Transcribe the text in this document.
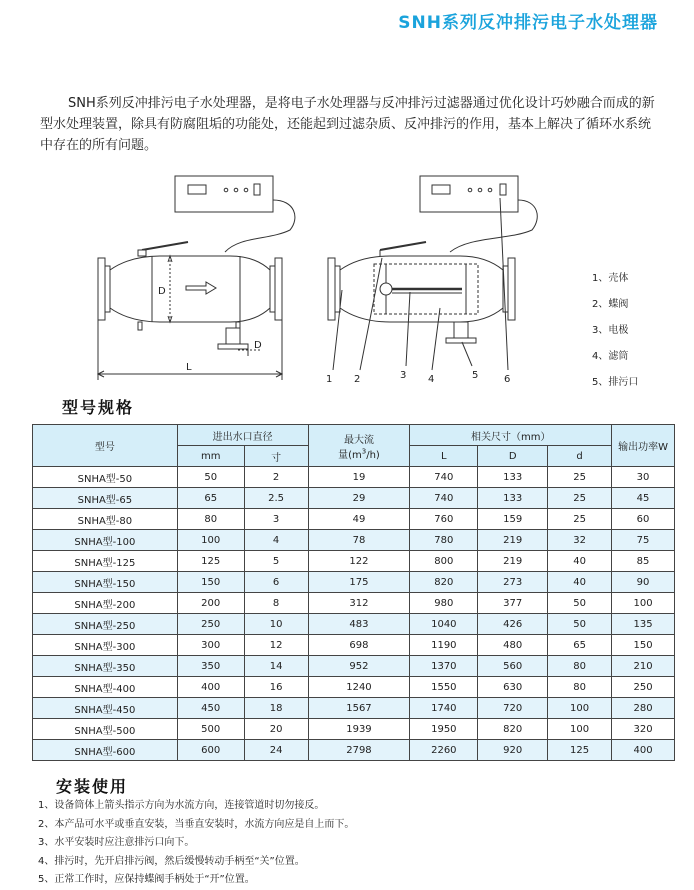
SNH系列反冲排污电子水处理器

SNH系列反冲排污电子水处理器，是将电子水处理器与反冲排污过滤器通过优化设计巧妙融合而成的新型水处理装置，除具有防腐阻垢的功能处，还能起到过滤杂质、反冲排污的作用，基本上解决了循环水系统中存在的所有问题。

D
D
L
1 2	3 4	5	6
1、壳体
2、蝶阀
3、电极
4、滤筒
5、排污口
型号规格
型号	进出水口直径		最大流
量$(m^3/h)$	相关尺寸（mm）			输出功率W
	mm	寸		L	D	d	
SNHA型-50	50	2	19	740	133	25	30
SNHA型-65	65	2.5	29	740	133	25	45
SNHA型-80	80	3	49	760	159	25	60
SNHA型-100	100	4	78	780	219	32	75
SNHA型-125	125	5	122	800	219	40	85
SNHA型-150	150	6	175	820	273	40	90
SNHA型-200	200	8	312	980	377	50	100
SNHA型-250	250	10	483	1040	426	50	135
SNHA型-300	300	12	698	1190	480	65	150
SNHA型-350	350	14	952	1370	560	80	210
SNHA型-400	400	16	1240	1550	630	80	250
SNHA型-450	450	18	1567	1740	720	100	280
SNHA型-500	500	20	1939	1950	820	100	320
SNHA型-600	600	24	2798	2260	920	125	400
安装使用
1、设备筒体上箭头指示方向为水流方向，连接管道时切勿接反。
2、本产品可水平或垂直安装，当垂直安装时，水流方向应是自上而下。
3、水平安装时应注意排污口向下。
4、排污时，先开启排污阀，然后缓慢转动手柄至“关”位置。
5、正常工作时，应保持蝶阀手柄处于“开”位置。
